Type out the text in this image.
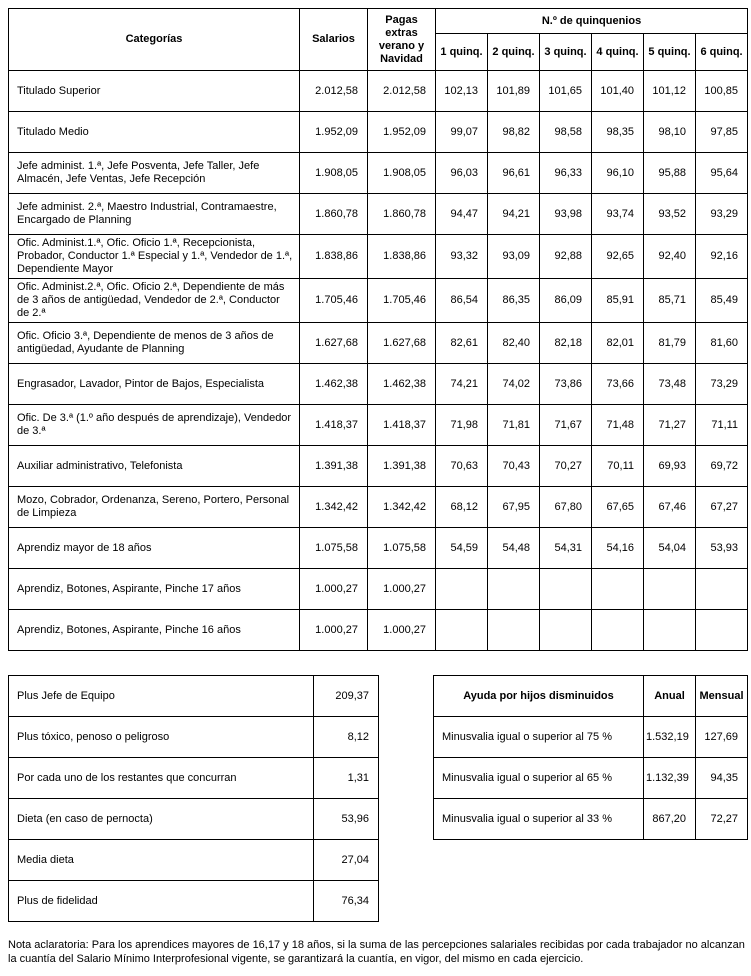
Categorías	Salarios	Pagas extras verano y Navidad	N.º de quinquenios					
			1 quinq.	2 quinq.	3 quinq.	4 quinq.	5 quinq.	6 quinq.
Titulado Superior	2.012,58	2.012,58	102,13	101,89	101,65	101,40	101,12	100,85
Titulado Medio	1.952,09	1.952,09	99,07	98,82	98,58	98,35	98,10	97,85
Jefe administ. 1.ª, Jefe Posventa, Jefe Taller, Jefe Almacén, Jefe Ventas, Jefe Recepción	1.908,05	1.908,05	96,03	96,61	96,33	96,10	95,88	95,64
Jefe administ. 2.ª, Maestro Industrial, Contramaestre, Encargado de Planning	1.860,78	1.860,78	94,47	94,21	93,98	93,74	93,52	93,29
Ofic. Administ.1.ª, Ofic. Oficio 1.ª, Recepcionista, Probador, Conductor 1.ª Especial y 1.ª, Vendedor de 1.ª, Dependiente Mayor	1.838,86	1.838,86	93,32	93,09	92,88	92,65	92,40	92,16
Ofic. Administ.2.ª, Ofic. Oficio 2.ª, Dependiente de más de 3 años de antigüedad, Vendedor de 2.ª, Conductor de 2.ª	1.705,46	1.705,46	86,54	86,35	86,09	85,91	85,71	85,49
Ofic. Oficio 3.ª, Dependiente de menos de 3 años de antigüedad, Ayudante de Planning	1.627,68	1.627,68	82,61	82,40	82,18	82,01	81,79	81,60
Engrasador, Lavador, Pintor de Bajos, Especialista	1.462,38	1.462,38	74,21	74,02	73,86	73,66	73,48	73,29
Ofic. De 3.ª (1.º año después de aprendizaje), Vendedor de 3.ª	1.418,37	1.418,37	71,98	71,81	71,67	71,48	71,27	71,11
Auxiliar administrativo, Telefonista	1.391,38	1.391,38	70,63	70,43	70,27	70,11	69,93	69,72
Mozo, Cobrador, Ordenanza, Sereno, Portero, Personal de Limpieza	1.342,42	1.342,42	68,12	67,95	67,80	67,65	67,46	67,27
Aprendiz mayor de 18 años	1.075,58	1.075,58	54,59	54,48	54,31	54,16	54,04	53,93
Aprendiz, Botones, Aspirante, Pinche 17 años	1.000,27	1.000,27						
Aprendiz, Botones, Aspirante, Pinche 16 años	1.000,27	1.000,27						
Plus Jefe de Equipo	209,37
Plus tóxico, penoso o peligroso	8,12
Por cada uno de los restantes que concurran	1,31
Dieta (en caso de pernocta)	53,96
Media dieta	27,04
Plus de fidelidad	76,34
Ayuda por hijos disminuidos	Anual	Mensual
Minusvalia igual o superior al 75 %	1.532,19	127,69
Minusvalia igual o superior al 65 %	1.132,39	94,35
Minusvalia igual o superior al 33 %	867,20	72,27
Nota aclaratoria: Para los aprendices mayores de 16,17 y 18 años, si la suma de las percepciones salariales recibidas por cada trabajador no alcanzan la cuantía del Salario Mínimo Interprofesional vigente, se garantizará la cuantía, en vigor, del mismo en cada ejercicio.
